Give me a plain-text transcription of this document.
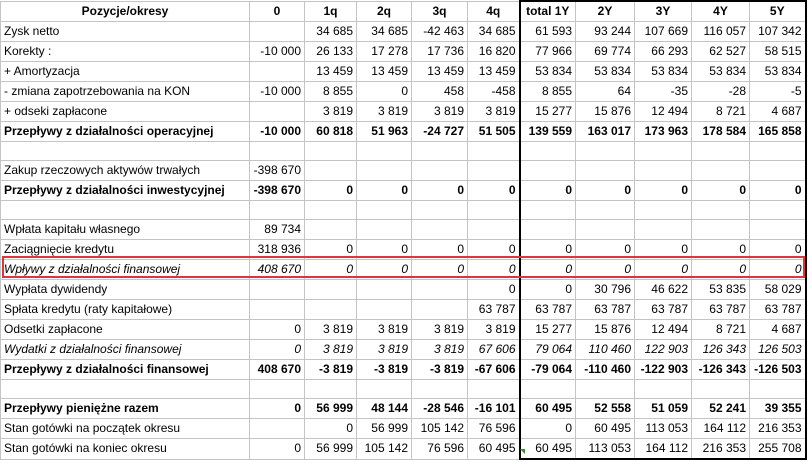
Pozycje/okresy	0	1q	2q	3q	4q	total 1Y	2Y	3Y	4Y	5Y
Zysk netto		34 685	34 685	-42 463	34 685	61 593	93 244	107 669	116 057	107 342
Korekty :	-10 000	26 133	17 278	17 736	16 820	77 966	69 774	66 293	62 527	58 515
+ Amortyzacja		13 459	13 459	13 459	13 459	53 834	53 834	53 834	53 834	53 834
- zmiana zapotrzebowania na KON	-10 000	8 855	0	458	-458	8 855	64	-35	-28	-5
+ odseki zapłacone		3 819	3 819	3 819	3 819	15 277	15 876	12 494	8 721	4 687
Przepływy z działalności operacyjnej	-10 000	60 818	51 963	-24 727	51 505	139 559	163 017	173 963	178 584	165 858

Zakup rzeczowych aktywów trwałych	-398 670									
Przepływy z działalności inwestycyjnej	-398 670	0	0	0	0	0	0	0	0	0

Wpłata kapitału własnego	89 734									
Zaciągnięcie kredytu	318 936	0	0	0	0	0	0	0	0	0
Wpływy z działalności finansowej	408 670	0	0	0	0	0	0	0	0	0
Wypłata dywidendy					0	0	30 796	46 622	53 835	58 029
Spłata kredytu (raty kapitałowe)					63 787	63 787	63 787	63 787	63 787	63 787
Odsetki zapłacone	0	3 819	3 819	3 819	3 819	15 277	15 876	12 494	8 721	4 687
Wydatki z działalności finansowej	0	3 819	3 819	3 819	67 606	79 064	110 460	122 903	126 343	126 503
Przepływy z działalności finansowej	408 670	-3 819	-3 819	-3 819	-67 606	-79 064	-110 460	-122 903	-126 343	-126 503

Przepływy pieniężne razem	0	56 999	48 144	-28 546	-16 101	60 495	52 558	51 059	52 241	39 355
Stan gotówki na początek okresu		0	56 999	105 142	76 596	0	60 495	113 053	164 112	216 353
Stan gotówki na koniec okresu	0	56 999	105 142	76 596	60 495	60 495	113 053	164 112	216 353	255 708
